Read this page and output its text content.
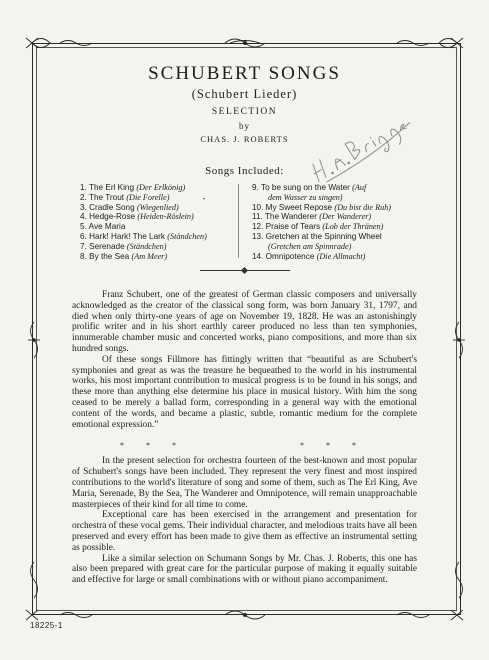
SCHUBERT SONGS
(Schubert Lieder)
SELECTION
by
CHAS. J. ROBERTS
Songs Included:
1. The Erl King (Der Erlkönig)
2. The Trout (Die Forelle)
3. Cradle Song (Wiegenlied)
4. Hedge-Rose (Heiden-Röslein)
5. Ave Maria
6. Hark! Hark! The Lark (Ständchen)
7. Serenade (Ständchen)
8. By the Sea (Am Meer)
•
9. To be sung on the Water (Auf
dem Wasser zu singen)
10. My Sweet Repose (Du bist die Ruh)
11. The Wanderer (Der Wanderer)
12. Praise of Tears (Lob der Thränen)
13. Gretchen at the Spinning Wheel
(Gretchen am Spinnrade)
14. Omnipotence (Die Allmacht)

Franz Schubert, one of the greatest of German classic composers and universally acknowledged as the creator of the classical song form, was born January 31, 1797, and died when only thirty-one years of age on November 19, 1828. He was an astonishingly prolific writer and in his short earthly career produced no less than ten symphonies, innumerable chamber music and concerted works, piano compositions, and more than six hundred songs.

Of these songs Fillmore has fittingly written that “beautiful as are Schubert's symphonies and great as was the treasure he bequeathed to the world in his instrumental works, his most important contribution to musical progress is to be found in his songs, and these more than anything else determine his place in musical history. With him the song ceased to be merely a ballad form, corresponding in a general way with the emotional content of the words, and became a plastic, subtle, romantic medium for the complete emotional expression.”

In the present selection for orchestra fourteen of the best-known and most popular of Schubert's songs have been included. They represent the very finest and most inspired contributions to the world's literature of song and some of them, such as The Erl King, Ave Maria, Serenade, By the Sea, The Wanderer and Omnipotence, will remain unapproachable masterpieces of their kind for all time to come.

Exceptional care has been exercised in the arrangement and presentation for orchestra of these vocal gems. Their individual character, and melodious traits have all been preserved and every effort has been made to give them as effective an instrumental setting as possible.

Like a similar selection on Schumann Songs by Mr. Chas. J. Roberts, this one has also been prepared with great care for the particular purpose of making it equally suitable and effective for large or small combinations with or without piano accompaniment.

* * *	* * *
18225-1
